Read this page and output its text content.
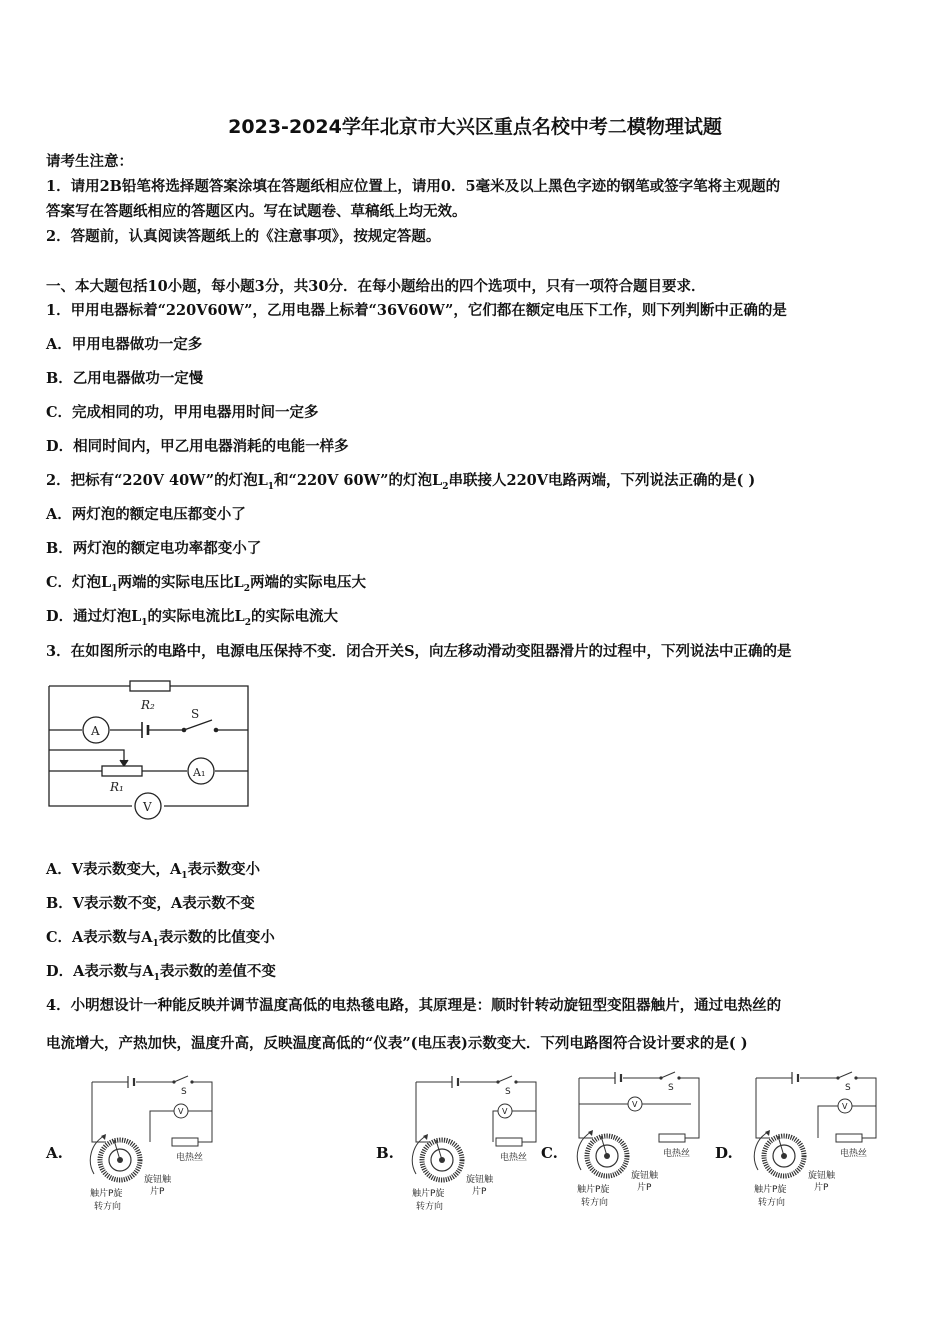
2023-2024学年北京市大兴区重点名校中考二模物理试题
请考生注意：
1．请用2B铅笔将选择题答案涂填在答题纸相应位置上，请用0．5毫米及以上黑色字迹的钢笔或签字笔将主观题的
答案写在答题纸相应的答题区内。写在试题卷、草稿纸上均无效。
2．答题前，认真阅读答题纸上的《注意事项》，按规定答题。
一、本大题包括10小题，每小题3分，共30分．在每小题给出的四个选项中，只有一项符合题目要求．
1．甲用电器标着“220V60W”，乙用电器上标着“36V60W”，它们都在额定电压下工作，则下列判断中正确的是
A．甲用电器做功一定多
B．乙用电器做功一定慢
C．完成相同的功，甲用电器用时间一定多
D．相同时间内，甲乙用电器消耗的电能一样多
2．把标有“220V 40W”的灯泡$L_1$和“220V 60W”的灯泡$L_2$串联接人220V电路两端，下列说法正确的是( )
A．两灯泡的额定电压都变小了
B．两灯泡的额定电功率都变小了
C．灯泡$L_1$两端的实际电压比$L_2$两端的实际电压大
D．通过灯泡$L_1$的实际电流比$L_2$的实际电流大
3．在如图所示的电路中，电源电压保持不变．闭合开关S，向左移动滑动变阻器滑片的过程中，下列说法中正确的是
R₂
S
A
A₁
R₁
V
A．V表示数变大，$A_1$表示数变小
B．V表示数不变，A表示数不变
C．A表示数与$A_1$表示数的比值变小
D．A表示数与$A_1$表示数的差值不变
4．小明想设计一种能反映并调节温度高低的电热毯电路，其原理是：顺时针转动旋钮型变阻器触片，通过电热丝的
电流增大，产热加快，温度升高，反映温度高低的“仪表”(电压表)示数变大．下列电路图符合设计要求的是( )
A.	B.	C.	D.
V
S
电热丝
旋钮触
片P
触片P旋
转方向
V
S
电热丝
旋钮触
片P
触片P旋
转方向
V
S
电热丝
旋钮触
片P
触片P旋
转方向
V
S
电热丝
旋钮触
片P
触片P旋
转方向
